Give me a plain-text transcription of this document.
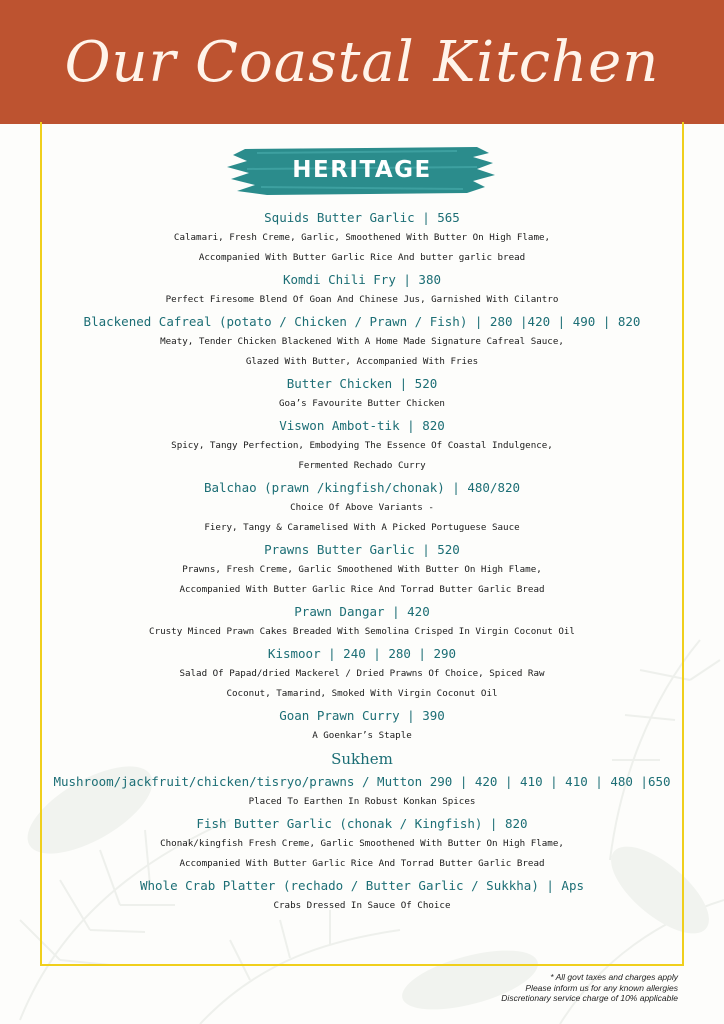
Our Coastal Kitchen
HERITAGE
Squids Butter Garlic | 565
Calamari, Fresh Creme, Garlic, Smoothened With Butter On High Flame,
Accompanied With Butter Garlic Rice And butter garlic bread
Komdi Chili Fry | 380
Perfect Firesome Blend Of Goan And Chinese Jus, Garnished With Cilantro
Blackened Cafreal (potato / Chicken / Prawn / Fish) | 280 |420 | 490 | 820
Meaty, Tender Chicken Blackened With A Home Made Signature Cafreal Sauce,
Glazed With Butter, Accompanied With Fries
Butter Chicken | 520
Goa’s Favourite Butter Chicken
Viswon Ambot-tik | 820
Spicy, Tangy Perfection, Embodying The Essence Of Coastal Indulgence,
Fermented Rechado Curry
Balchao (prawn /kingfish/chonak) | 480/820
Choice Of Above Variants -
Fiery, Tangy & Caramelised With A Picked Portuguese Sauce
Prawns Butter Garlic | 520
Prawns, Fresh Creme, Garlic Smoothened With Butter On High Flame,
Accompanied With Butter Garlic Rice And Torrad Butter Garlic Bread
Prawn Dangar | 420
Crusty Minced Prawn Cakes Breaded With Semolina Crisped In Virgin Coconut Oil
Kismoor | 240 | 280 | 290
Salad Of Papad/dried Mackerel / Dried Prawns Of Choice, Spiced Raw
Coconut, Tamarind, Smoked With Virgin Coconut Oil
Goan Prawn Curry | 390
A Goenkar’s Staple
Sukhem
Mushroom/jackfruit/chicken/tisryo/prawns / Mutton 290 | 420 | 410 | 410 | 480 |650
Placed To Earthen In Robust Konkan Spices
Fish Butter Garlic (chonak / Kingfish) | 820
Chonak/kingfish Fresh Creme, Garlic Smoothened With Butter On High Flame,
Accompanied With Butter Garlic Rice And Torrad Butter Garlic Bread
Whole Crab Platter (rechado / Butter Garlic / Sukkha) | Aps
Crabs Dressed In Sauce Of Choice
* All govt taxes and charges apply
Please inform us for any known allergies
Discretionary service charge of 10% applicable
